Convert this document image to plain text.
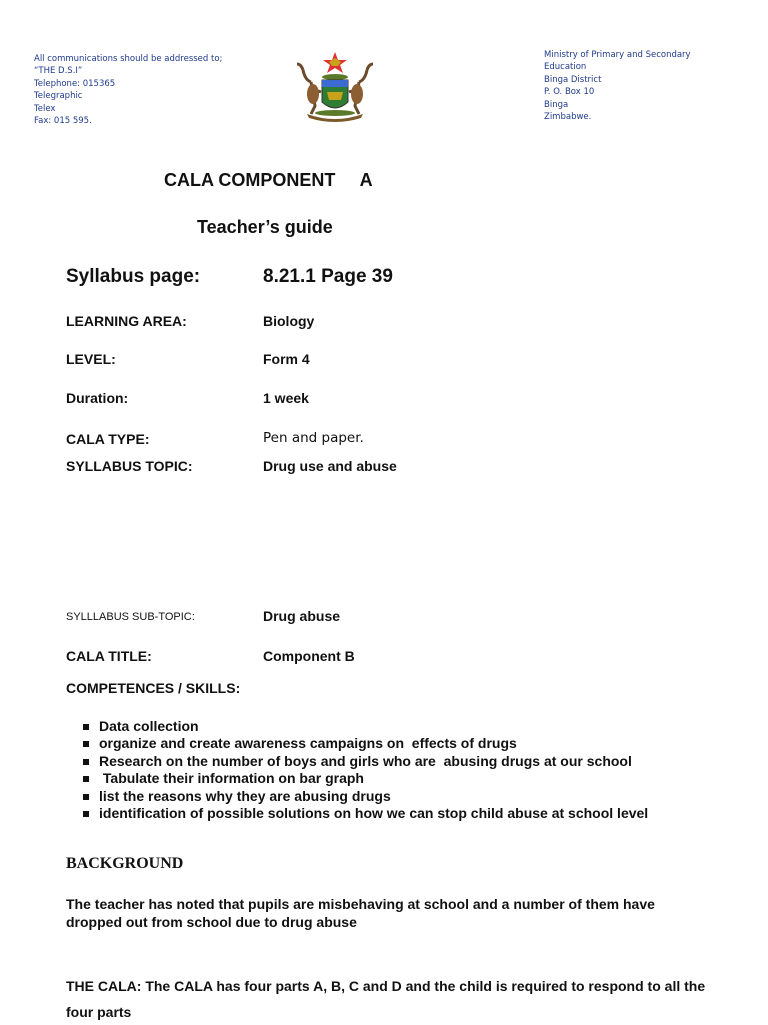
All communications should be addressed to;
“THE D.S.I”
Telephone: 015365
Telegraphic
Telex
Fax: 015 595.
Ministry of Primary and Secondary
Education
Binga District
P. O. Box 10
Binga
Zimbabwe.
CALA COMPONENT     A
Teacher’s guide
Syllabus page:	8.21.1 Page 39
LEARNING AREA:	Biology
LEVEL:	Form 4
Duration:	1 week
CALA TYPE:	Pen and paper.
SYLLABUS TOPIC:	Drug use and abuse
SYLLLABUS SUB-TOPIC:	Drug abuse
CALA TITLE:	Component B
COMPETENCES / SKILLS:
Data collection
organize and create awareness campaigns on  effects of drugs
Research on the number of boys and girls who are  abusing drugs at our school
Tabulate their information on bar graph
list the reasons why they are abusing drugs
identification of possible solutions on how we can stop child abuse at school level
BACKGROUND
The teacher has noted that pupils are misbehaving at school and a number of them have dropped out from school due to drug abuse
THE CALA: The CALA has four parts A, B, C and D and the child is required to respond to all the four parts
